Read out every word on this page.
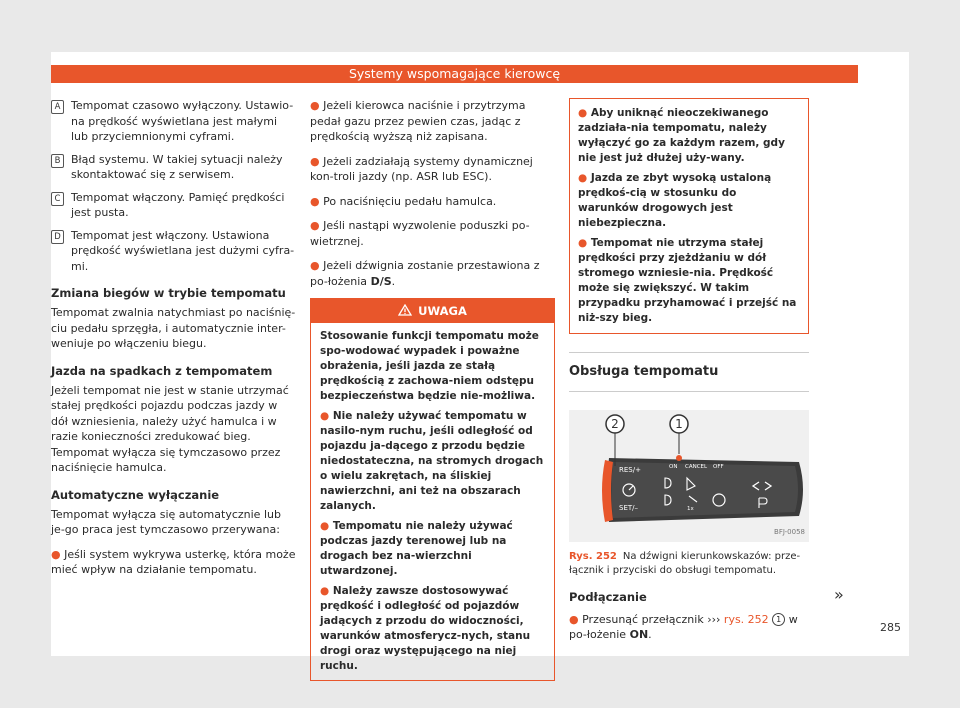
Systemy wspomagające kierowcę
A Tempomat czasowo wyłączony. Ustawio-na prędkość wyświetlana jest małymi lub przyciemnionymi cyframi.
B Błąd systemu. W takiej sytuacji należy skontaktować się z serwisem.
C Tempomat włączony. Pamięć prędkości jest pusta.
D Tempomat jest włączony. Ustawiona prędkość wyświetlana jest dużymi cyfra-mi.
Zmiana biegów w trybie tempomatu

Tempomat zwalnia natychmiast po naciśnię-ciu pedału sprzęgła, i automatycznie inter-weniuje po włączeniu biegu.

Jazda na spadkach z tempomatem

Jeżeli tempomat nie jest w stanie utrzymać stałej prędkości pojazdu podczas jazdy w dół wzniesienia, należy użyć hamulca i w razie konieczności zredukować bieg. Tempomat wyłącza się tymczasowo przez naciśnięcie hamulca.

Automatyczne wyłączanie

Tempomat wyłącza się automatycznie lub je-go praca jest tymczasowo przerywana:

● Jeśli system wykrywa usterkę, która może mieć wpływ na działanie tempomatu.

● Jeżeli kierowca naciśnie i przytrzyma pedał gazu przez pewien czas, jadąc z prędkością wyższą niż zapisana.

● Jeżeli zadziałają systemy dynamicznej kon-troli jazdy (np. ASR lub ESC).

● Po naciśnięciu pedału hamulca.

● Jeśli nastąpi wyzwolenie poduszki po-wietrznej.

● Jeżeli dźwignia zostanie przestawiona z po-łożenia D/S.

UWAGA

Stosowanie funkcji tempomatu może spo-wodować wypadek i poważne obrażenia, jeśli jazda ze stałą prędkością z zachowa-niem odstępu bezpieczeństwa będzie nie-możliwa.

● Nie należy używać tempomatu w nasilo-nym ruchu, jeśli odległość od pojazdu ja-dącego z przodu będzie niedostateczna, na stromych drogach o wielu zakrętach, na śliskiej nawierzchni, ani też na obszarach zalanych.

● Tempomatu nie należy używać podczas jazdy terenowej lub na drogach bez na-wierzchni utwardzonej.

● Należy zawsze dostosowywać prędkość i odległość od pojazdów jadących z przodu do widoczności, warunków atmosferycz-nych, stanu drogi oraz występującego na niej ruchu.

● Aby uniknąć nieoczekiwanego zadziała-nia tempomatu, należy wyłączyć go za każdym razem, gdy nie jest już dłużej uży-wany.

● Jazda ze zbyt wysoką ustaloną prędkoś-cią w stosunku do warunków drogowych jest niebezpieczna.

● Tempomat nie utrzyma stałej prędkości przy zjeżdżaniu w dół stromego wzniesie-nia. Prędkość może się zwiększyć. W takim przypadku przyhamować i przejść na niż-szy bieg.

Obsługa tempomatu
2	1
RES/+
SET/–
ON CANCEL OFF
1x
BFJ-0058
Rys. 252 Na dźwigni kierunkowskazów: prze-łącznik i przyciski do obsługi tempomatu.
Podłączanie

● Przesunąć przełącznik ››› rys. 252 1 w po-łożenie ON.

»
285
